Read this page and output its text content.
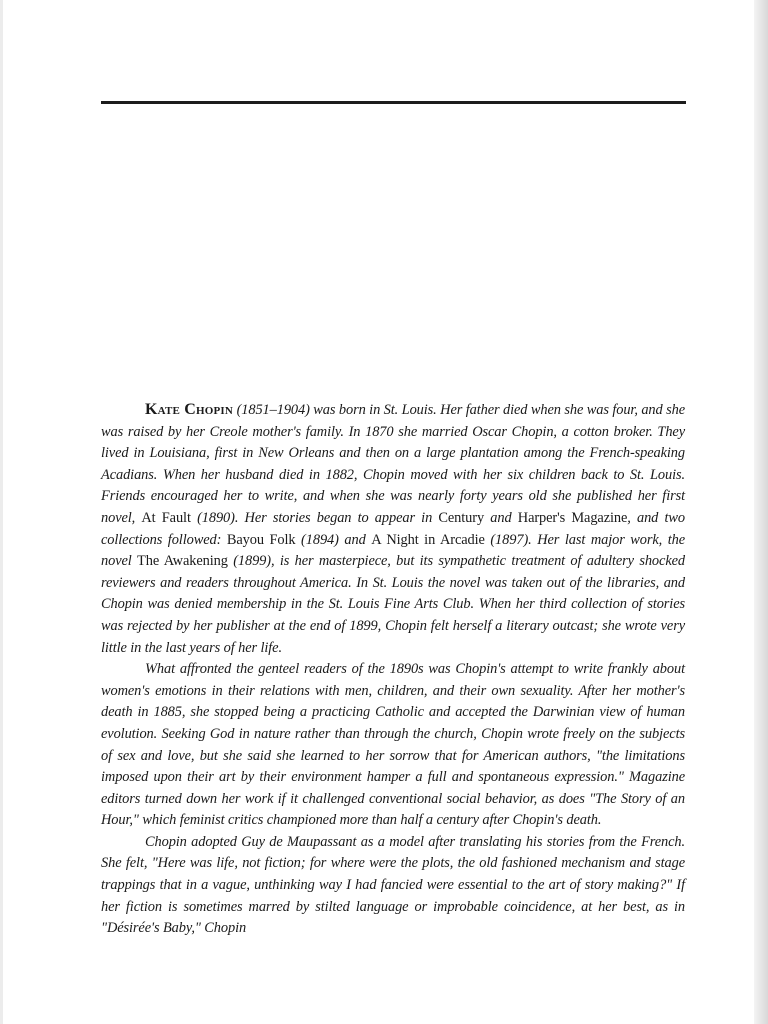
Kate Chopin (1851–1904) was born in St. Louis. Her father died when she was four, and she was raised by her Creole mother's family. In 1870 she married Oscar Chopin, a cotton broker. They lived in Louisiana, first in New Orleans and then on a large plantation among the French-speaking Acadians. When her husband died in 1882, Chopin moved with her six children back to St. Louis. Friends encouraged her to write, and when she was nearly forty years old she published her first novel, At Fault (1890). Her stories began to appear in Century and Harper's Magazine, and two collections followed: Bayou Folk (1894) and A Night in Arcadie (1897). Her last major work, the novel The Awakening (1899), is her masterpiece, but its sympathetic treatment of adultery shocked reviewers and readers throughout America. In St. Louis the novel was taken out of the libraries, and Chopin was denied membership in the St. Louis Fine Arts Club. When her third collection of stories was rejected by her publisher at the end of 1899, Chopin felt herself a literary outcast; she wrote very little in the last years of her life.

What affronted the genteel readers of the 1890s was Chopin's attempt to write frankly about women's emotions in their relations with men, children, and their own sexuality. After her mother's death in 1885, she stopped being a practicing Catholic and accepted the Darwinian view of human evolution. Seeking God in nature rather than through the church, Chopin wrote freely on the subjects of sex and love, but she said she learned to her sorrow that for American authors, "the limitations imposed upon their art by their environment hamper a full and spontaneous expression." Magazine editors turned down her work if it challenged conventional social behavior, as does "The Story of an Hour," which feminist critics championed more than half a century after Chopin's death.

Chopin adopted Guy de Maupassant as a model after translating his stories from the French. She felt, "Here was life, not fiction; for where were the plots, the old fashioned mechanism and stage trappings that in a vague, unthinking way I had fancied were essential to the art of story making?" If her fiction is sometimes marred by stilted language or improbable coincidence, at her best, as in "Désirée's Baby," Chopin
